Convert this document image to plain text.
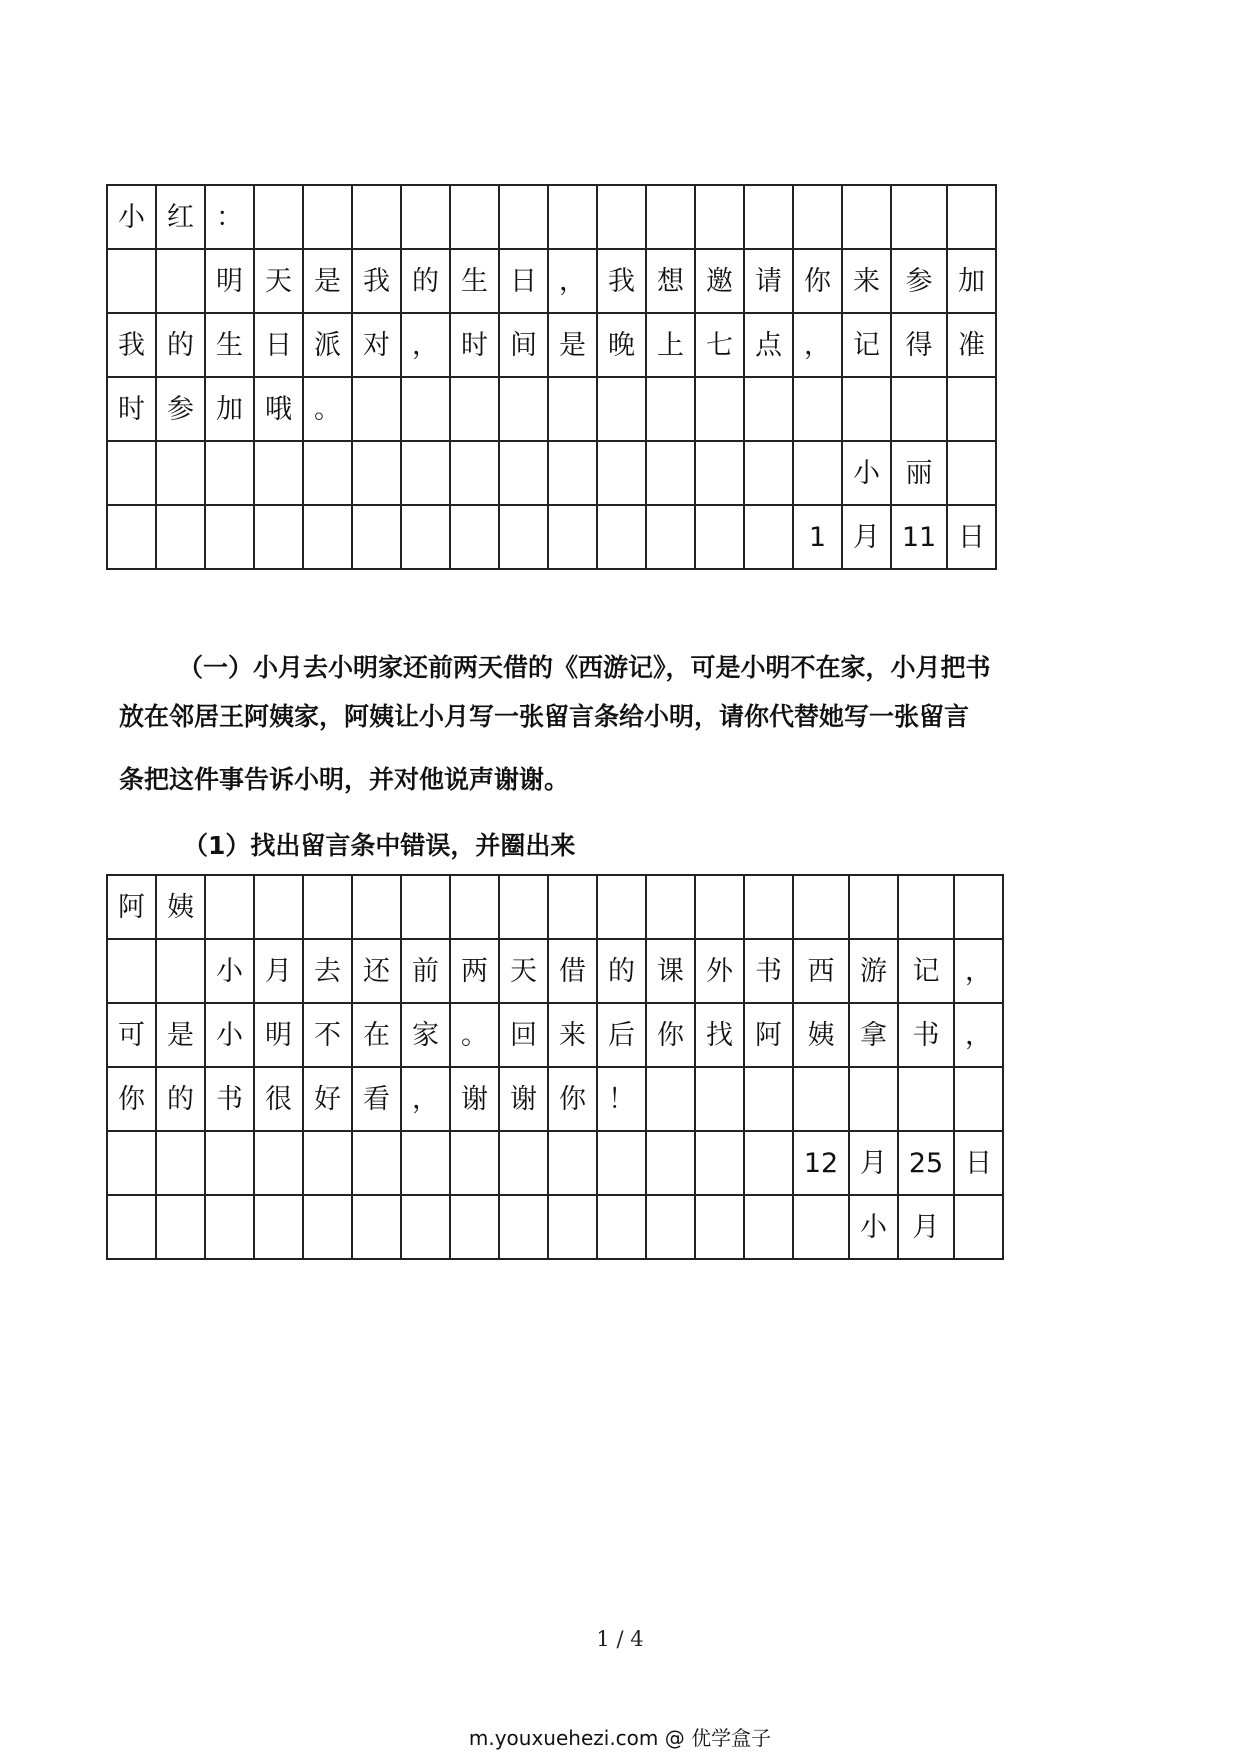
小	红	：															
		明	天	是	我	的	生	日	，	我	想	邀	请	你	来	参	加
我	的	生	日	派	对	，	时	间	是	晚	上	七	点	，	记	得	准
时	参	加	哦	。													
															小	丽	
														1	月	11	日

（一）小月去小明家还前两天借的《西游记》，可是小明不在家，小月把书

放在邻居王阿姨家，阿姨让小月写一张留言条给小明，请你代替她写一张留言

条把这件事告诉小明，并对他说声谢谢。

（1）找出留言条中错误，并圈出来

阿	姨																
		小	月	去	还	前	两	天	借	的	课	外	书	西	游	记	，
可	是	小	明	不	在	家	。	回	来	后	你	找	阿	姨	拿	书	，
你	的	书	很	好	看	，	谢	谢	你	！							
														12	月	25	日
															小	月	
1 / 4
m.youxuehezi.com @ 优学盒子
